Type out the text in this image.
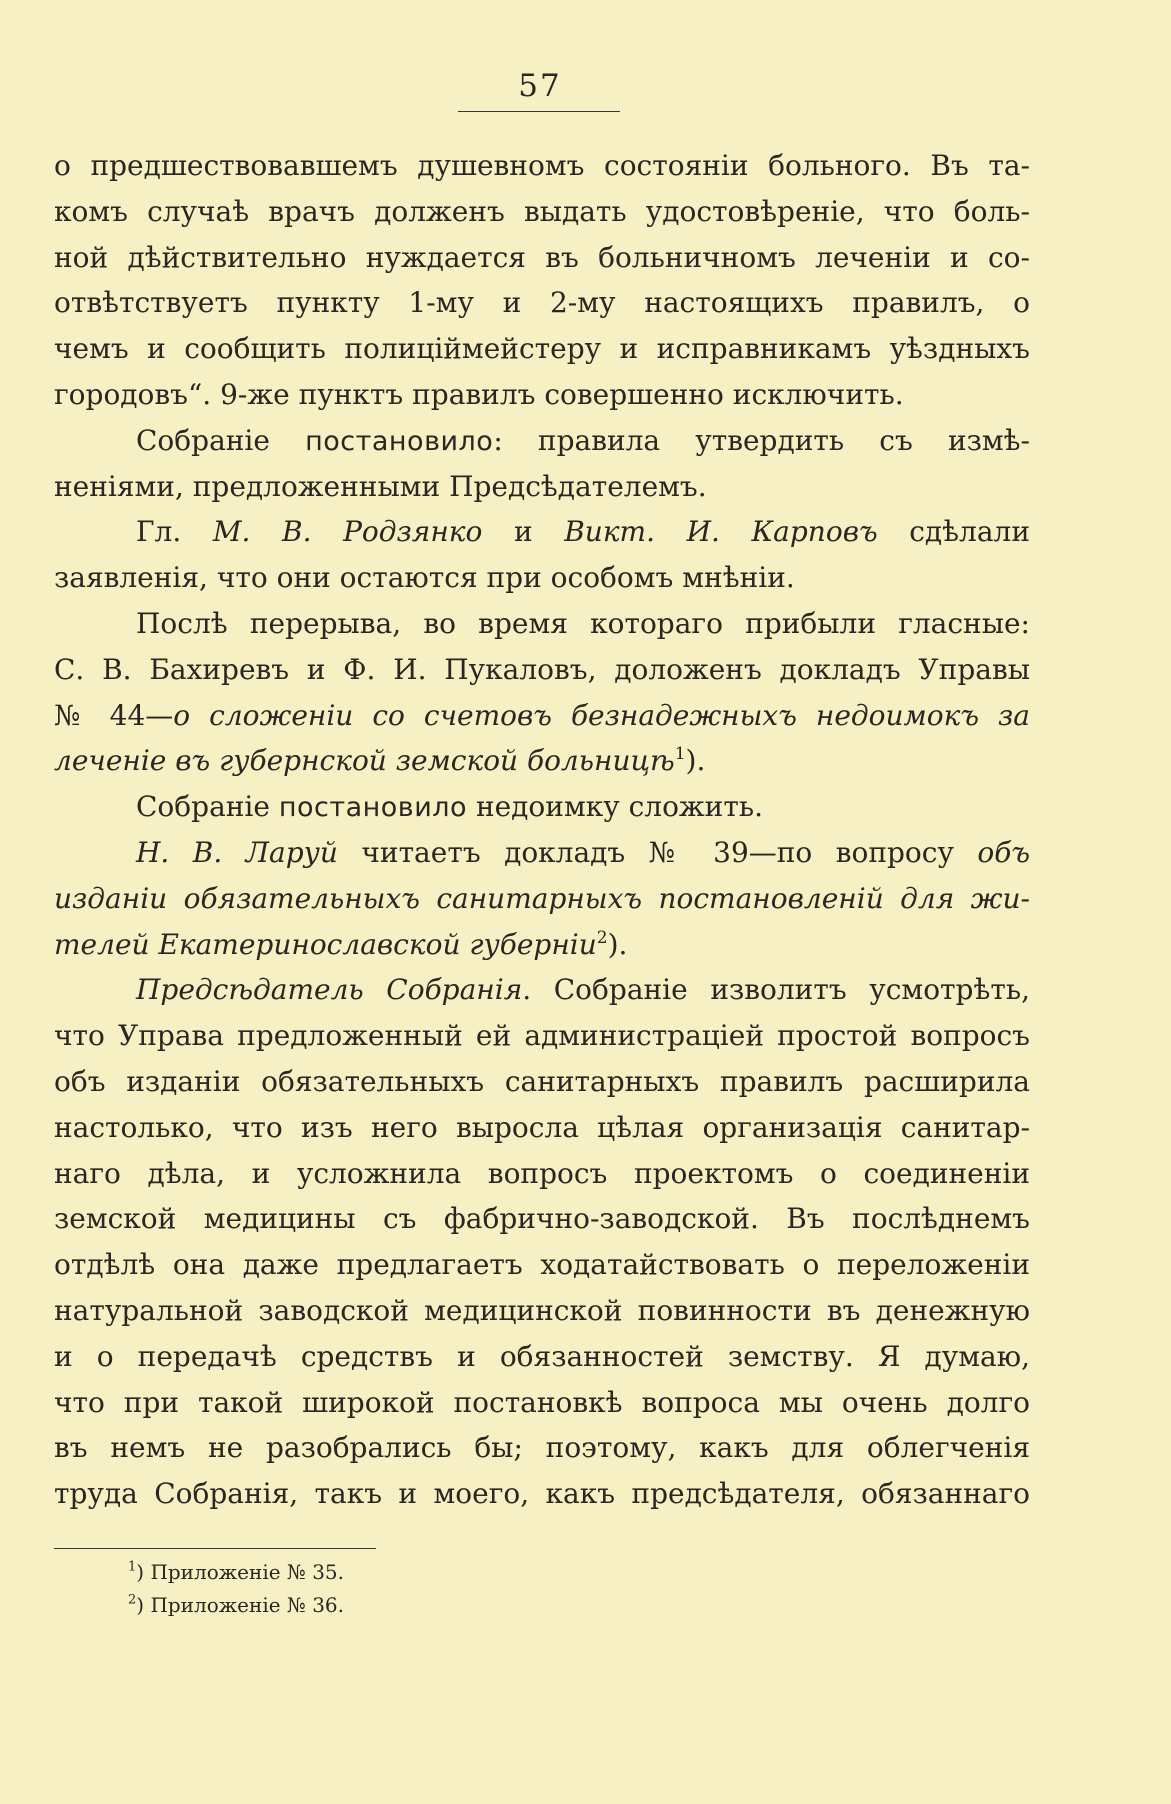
57
о предшествовавшемъ душевномъ состояніи больного. Въ та-
комъ случаѣ врачъ долженъ выдать удостовѣреніе, что боль-
ной дѣйствительно нуждается въ больничномъ леченіи и со-
отвѣтствуетъ пункту 1-му и 2-му настоящихъ правилъ, о
чемъ и сообщить полиціймейстеру и исправникамъ уѣздныхъ
городовъ“. 9-же пунктъ правилъ совершенно исключить.
Собраніе постановило: правила утвердить съ измѣ-
неніями, предложенными Предсѣдателемъ.
Гл. М. В. Родзянко и Викт. И. Карповъ сдѣлали
заявленія, что они остаются при особомъ мнѣніи.
Послѣ перерыва, во время котораго прибыли гласные:
С. В. Бахиревъ и Ф. И. Пукаловъ, доложенъ докладъ Управы
№ 44—о сложеніи со счетовъ безнадежныхъ недоимокъ за
леченіе въ губернской земской больницѣ$^1$).
Собраніе постановило недоимку сложить.
Н. В. Ларуй читаетъ докладъ № 39—по вопросу объ
изданіи обязательныхъ санитарныхъ постановленій для жи-
телей Екатеринославской губерніи$^2$).
Предсѣдатель Собранія. Собраніе изволитъ усмотрѣть,
что Управа предложенный ей администраціей простой вопросъ
объ изданіи обязательныхъ санитарныхъ правилъ расширила
настолько, что изъ него выросла цѣлая организація санитар-
наго дѣла, и усложнила вопросъ проектомъ о соединеніи
земской медицины съ фабрично-заводской. Въ послѣднемъ
отдѣлѣ она даже предлагаетъ ходатайствовать о переложеніи
натуральной заводской медицинской повинности въ денежную
и о передачѣ средствъ и обязанностей земству. Я думаю,
что при такой широкой постановкѣ вопроса мы очень долго
въ немъ не разобрались бы; поэтому, какъ для облегченія
труда Собранія, такъ и моего, какъ предсѣдателя, обязаннаго
$^1$) Приложеніе № 35.
$^2$) Приложеніе № 36.
